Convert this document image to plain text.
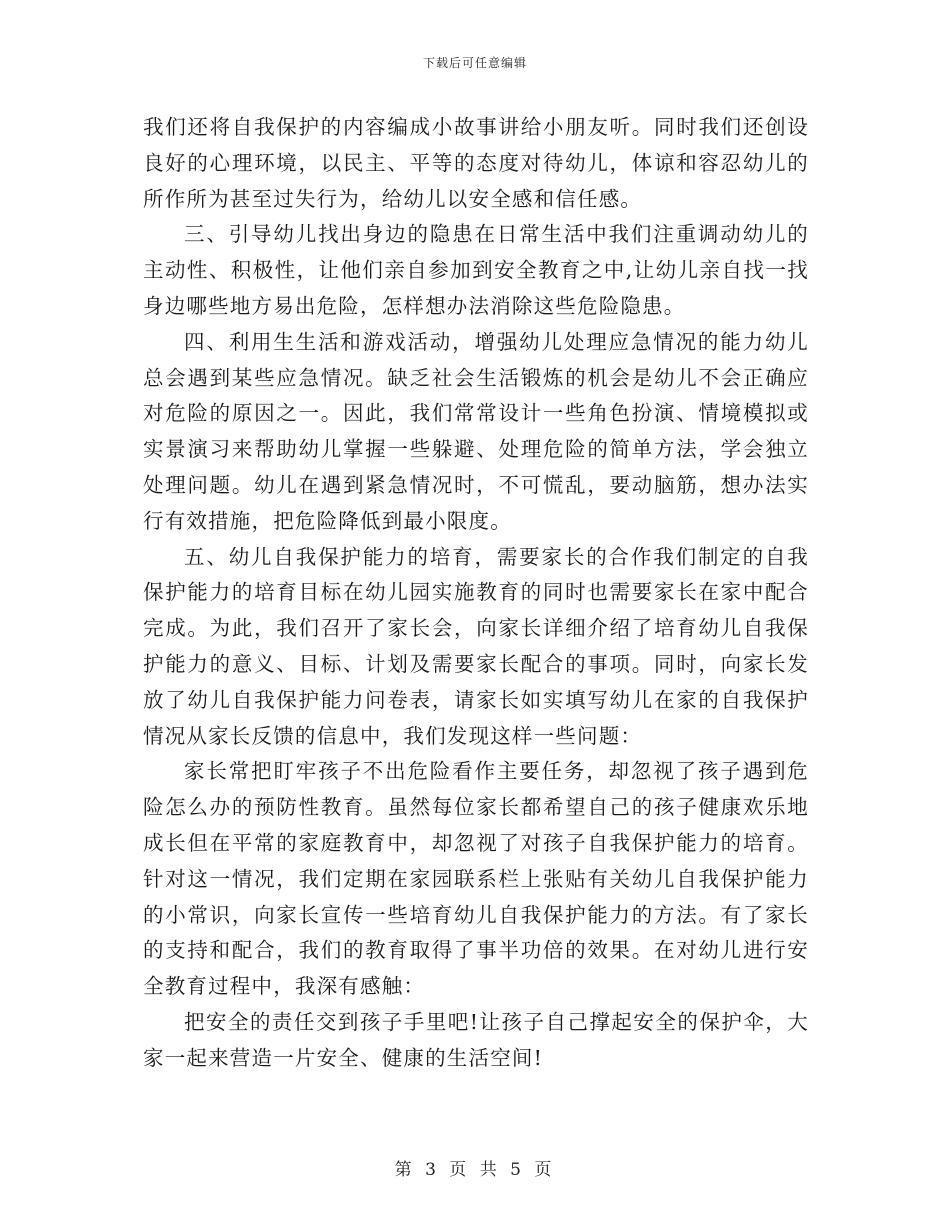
下载后可任意编辑

我们还将自我保护的内容编成小故事讲给小朋友听。同时我们还创设良好的心理环境，以民主、平等的态度对待幼儿，体谅和容忍幼儿的所作所为甚至过失行为，给幼儿以安全感和信任感。

三、引导幼儿找出身边的隐患在日常生活中我们注重调动幼儿的主动性、积极性，让他们亲自参加到安全教育之中,让幼儿亲自找一找身边哪些地方易出危险，怎样想办法消除这些危险隐患。

四、利用生生活和游戏活动，增强幼儿处理应急情况的能力幼儿总会遇到某些应急情况。缺乏社会生活锻炼的机会是幼儿不会正确应对危险的原因之一。因此，我们常常设计一些角色扮演、情境模拟或实景演习来帮助幼儿掌握一些躲避、处理危险的简单方法，学会独立处理问题。幼儿在遇到紧急情况时，不可慌乱，要动脑筋，想办法实行有效措施，把危险降低到最小限度。

五、幼儿自我保护能力的培育，需要家长的合作我们制定的自我保护能力的培育目标在幼儿园实施教育的同时也需要家长在家中配合完成。为此，我们召开了家长会，向家长详细介绍了培育幼儿自我保护能力的意义、目标、计划及需要家长配合的事项。同时，向家长发放了幼儿自我保护能力问卷表，请家长如实填写幼儿在家的自我保护情况从家长反馈的信息中，我们发现这样一些问题：

家长常把盯牢孩子不出危险看作主要任务，却忽视了孩子遇到危险怎么办的预防性教育。虽然每位家长都希望自己的孩子健康欢乐地成长但在平常的家庭教育中，却忽视了对孩子自我保护能力的培育。针对这一情况，我们定期在家园联系栏上张贴有关幼儿自我保护能力的小常识，向家长宣传一些培育幼儿自我保护能力的方法。有了家长的支持和配合，我们的教育取得了事半功倍的效果。在对幼儿进行安全教育过程中，我深有感触：

把安全的责任交到孩子手里吧!让孩子自己撑起安全的保护伞，大家一起来营造一片安全、健康的生活空间!

第 3 页 共 5 页
